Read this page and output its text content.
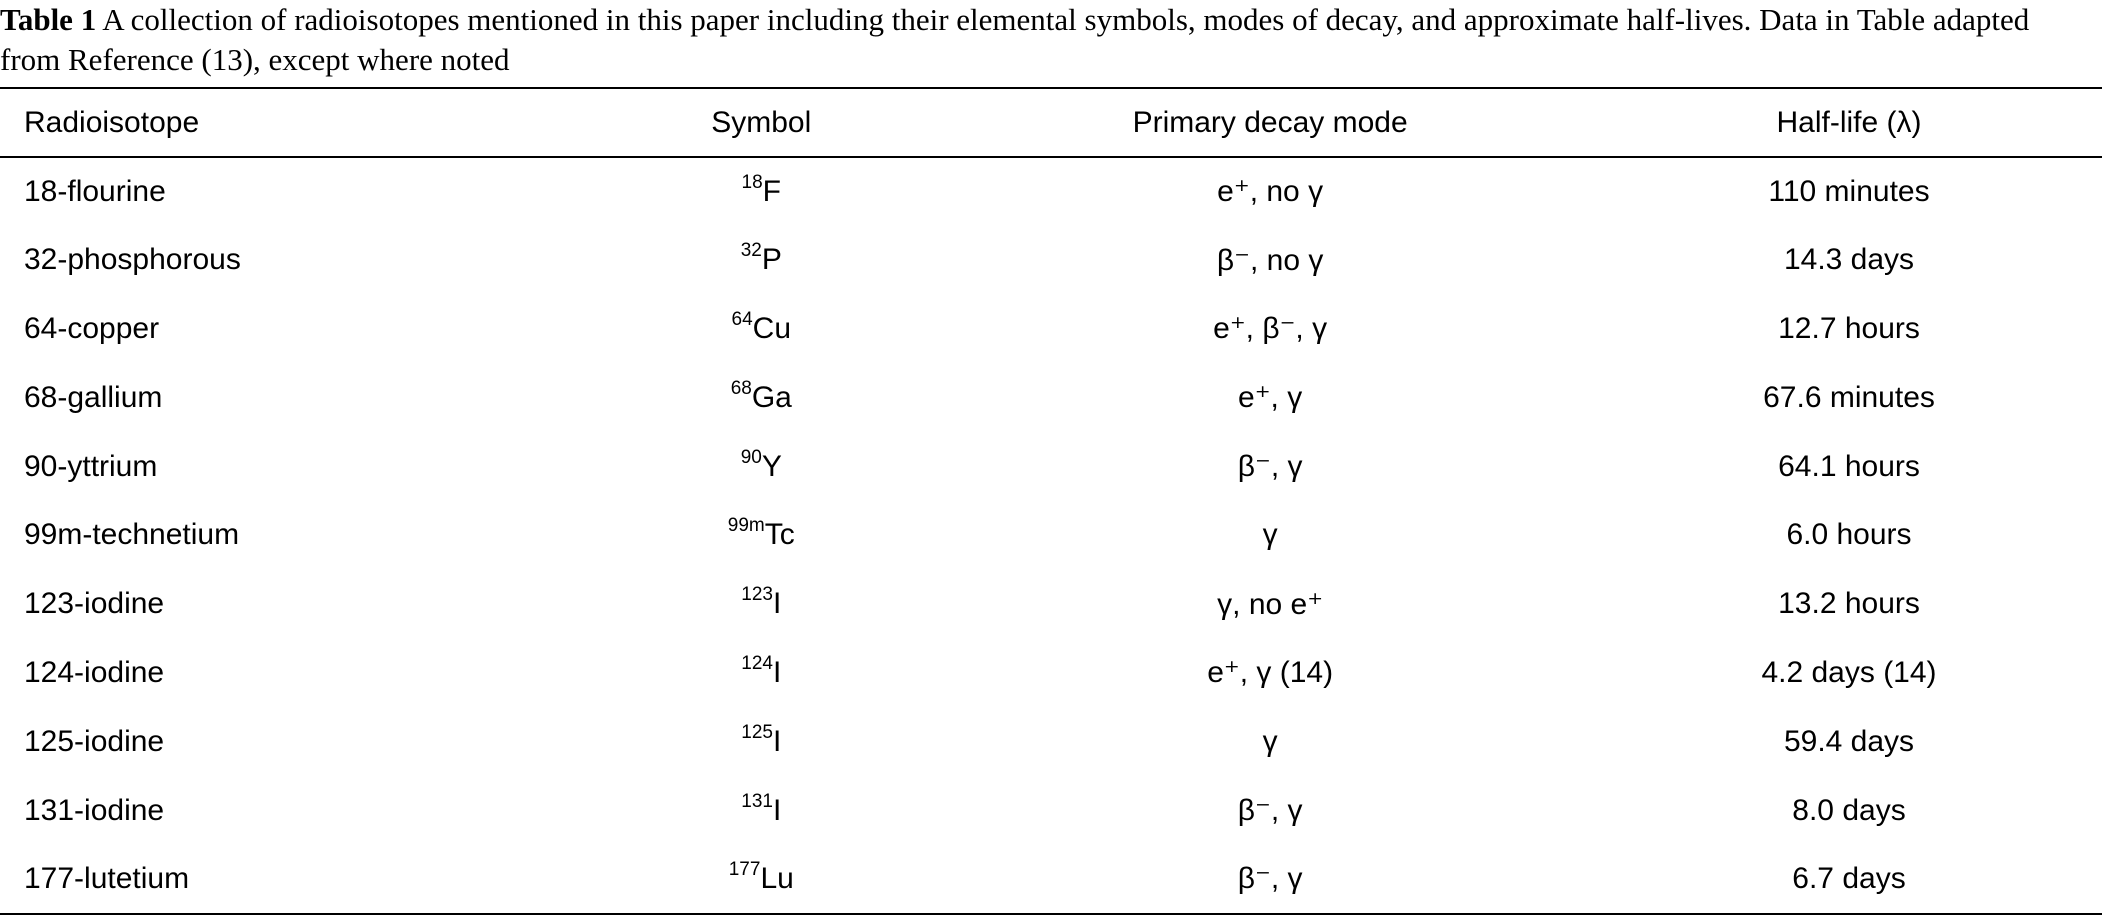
Table 1 A collection of radioisotopes mentioned in this paper including their elemental symbols, modes of decay, and approximate half-lives. Data in Table adapted from Reference (13), except where noted
Radioisotope	Symbol	Primary decay mode	Half-life (λ)
18-flourine	$^{18}$F	e⁺, no γ	110 minutes
32-phosphorous	$^{32}$P	β⁻, no γ	14.3 days
64-copper	$^{64}$Cu	e⁺, β⁻, γ	12.7 hours
68-gallium	$^{68}$Ga	e⁺, γ	67.6 minutes
90-yttrium	$^{90}$Y	β⁻, γ	64.1 hours
99m-technetium	$^{99m}$Tc	γ	6.0 hours
123-iodine	$^{123}$I	γ, no e⁺	13.2 hours
124-iodine	$^{124}$I	e⁺, γ (14)	4.2 days (14)
125-iodine	$^{125}$I	γ	59.4 days
131-iodine	$^{131}$I	β⁻, γ	8.0 days
177-lutetium	$^{177}$Lu	β⁻, γ	6.7 days
